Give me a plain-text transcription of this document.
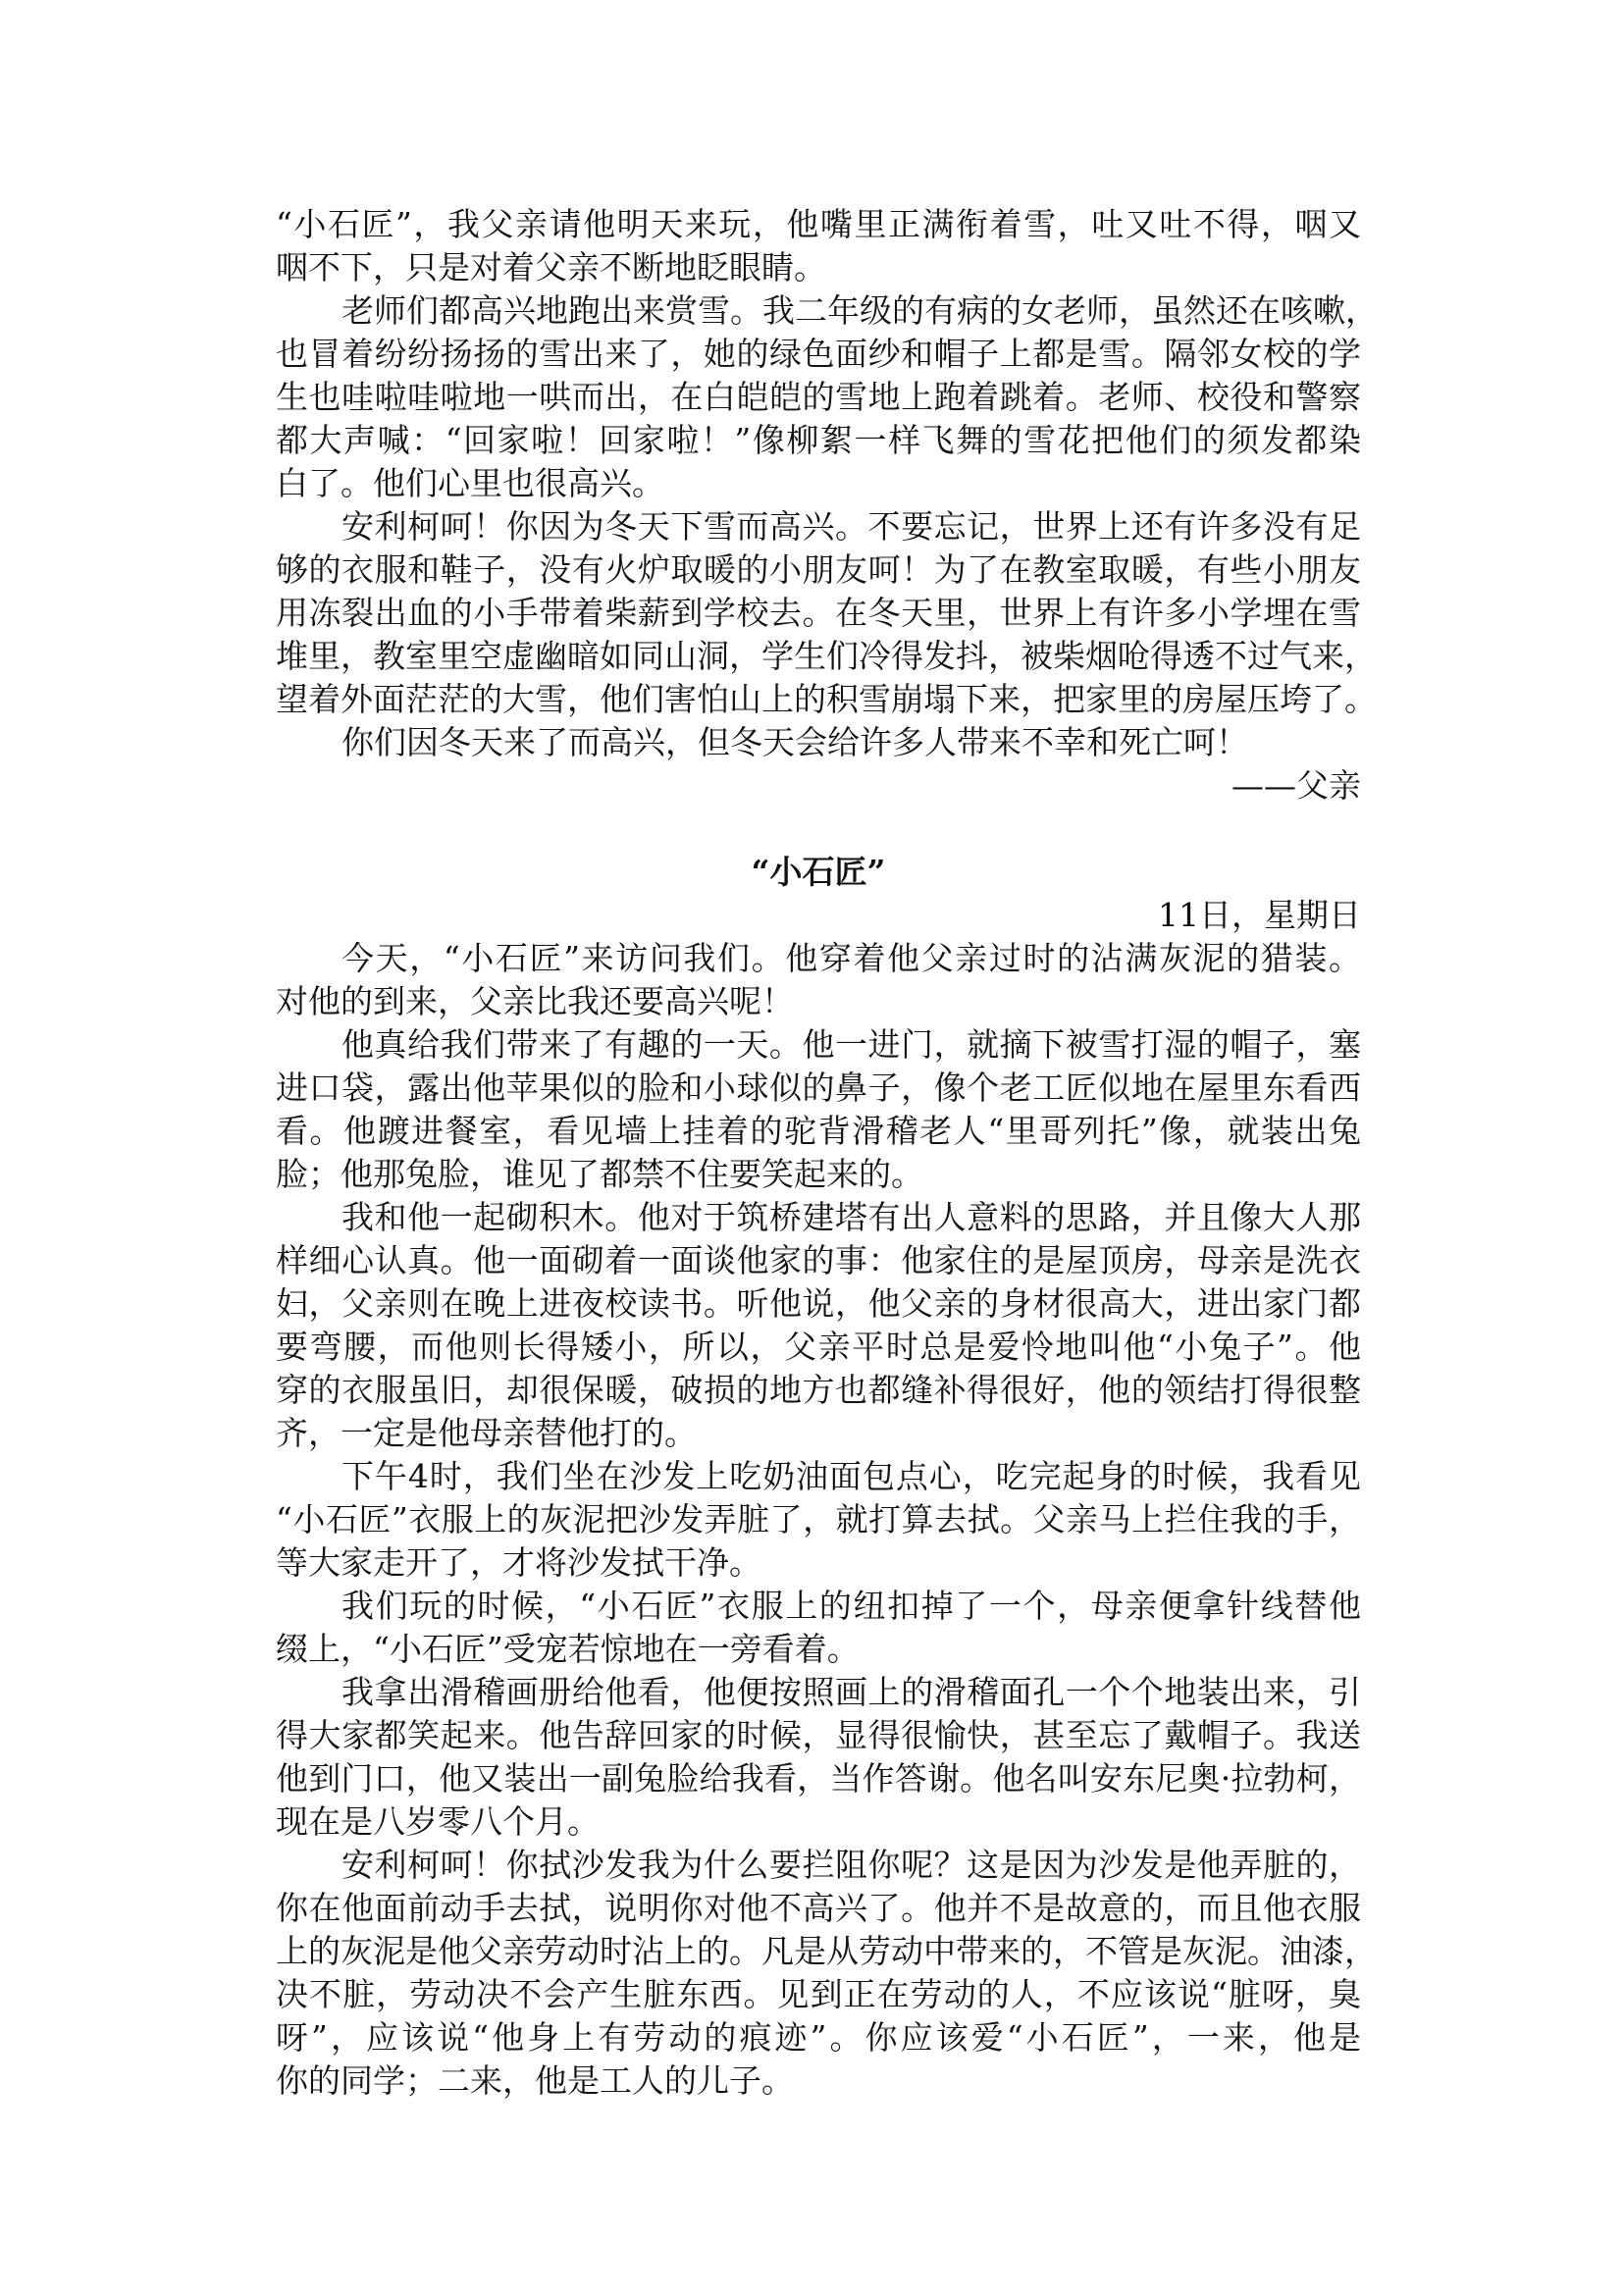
“小石匠”，我父亲请他明天来玩，他嘴里正满衔着雪，吐又吐不得，咽又
咽不下，只是对着父亲不断地眨眼睛。
老师们都高兴地跑出来赏雪。我二年级的有病的女老师，虽然还在咳嗽，
也冒着纷纷扬扬的雪出来了，她的绿色面纱和帽子上都是雪。隔邻女校的学
生也哇啦哇啦地一哄而出，在白皑皑的雪地上跑着跳着。老师、校役和警察
都大声喊：“回家啦！回家啦！”像柳絮一样飞舞的雪花把他们的须发都染
白了。他们心里也很高兴。
安利柯呵！你因为冬天下雪而高兴。不要忘记，世界上还有许多没有足
够的衣服和鞋子，没有火炉取暖的小朋友呵！为了在教室取暖，有些小朋友
用冻裂出血的小手带着柴薪到学校去。在冬天里，世界上有许多小学埋在雪
堆里，教室里空虚幽暗如同山洞，学生们冷得发抖，被柴烟呛得透不过气来，
望着外面茫茫的大雪，他们害怕山上的积雪崩塌下来，把家里的房屋压垮了。
你们因冬天来了而高兴，但冬天会给许多人带来不幸和死亡呵！
——父亲
“小石匠”
11日，星期日
今天，“小石匠”来访问我们。他穿着他父亲过时的沾满灰泥的猎装。
对他的到来，父亲比我还要高兴呢！
他真给我们带来了有趣的一天。他一进门，就摘下被雪打湿的帽子，塞
进口袋，露出他苹果似的脸和小球似的鼻子，像个老工匠似地在屋里东看西
看。他踱进餐室，看见墙上挂着的驼背滑稽老人“里哥列托”像，就装出兔
脸；他那兔脸，谁见了都禁不住要笑起来的。
我和他一起砌积木。他对于筑桥建塔有出人意料的思路，并且像大人那
样细心认真。他一面砌着一面谈他家的事：他家住的是屋顶房，母亲是洗衣
妇，父亲则在晚上进夜校读书。听他说，他父亲的身材很高大，进出家门都
要弯腰，而他则长得矮小，所以，父亲平时总是爱怜地叫他“小兔子”。他
穿的衣服虽旧，却很保暖，破损的地方也都缝补得很好，他的领结打得很整
齐，一定是他母亲替他打的。
下午4时，我们坐在沙发上吃奶油面包点心，吃完起身的时候，我看见
“小石匠”衣服上的灰泥把沙发弄脏了，就打算去拭。父亲马上拦住我的手，
等大家走开了，才将沙发拭干净。
我们玩的时候，“小石匠”衣服上的纽扣掉了一个，母亲便拿针线替他
缀上，“小石匠”受宠若惊地在一旁看着。
我拿出滑稽画册给他看，他便按照画上的滑稽面孔一个个地装出来，引
得大家都笑起来。他告辞回家的时候，显得很愉快，甚至忘了戴帽子。我送
他到门口，他又装出一副兔脸给我看，当作答谢。他名叫安东尼奥·拉勃柯，
现在是八岁零八个月。
安利柯呵！你拭沙发我为什么要拦阻你呢？这是因为沙发是他弄脏的，
你在他面前动手去拭，说明你对他不高兴了。他并不是故意的，而且他衣服
上的灰泥是他父亲劳动时沾上的。凡是从劳动中带来的，不管是灰泥。油漆，
决不脏，劳动决不会产生脏东西。见到正在劳动的人，不应该说“脏呀，臭
呀”，应该说“他身上有劳动的痕迹”。你应该爱“小石匠”，一来，他是
你的同学；二来，他是工人的儿子。
